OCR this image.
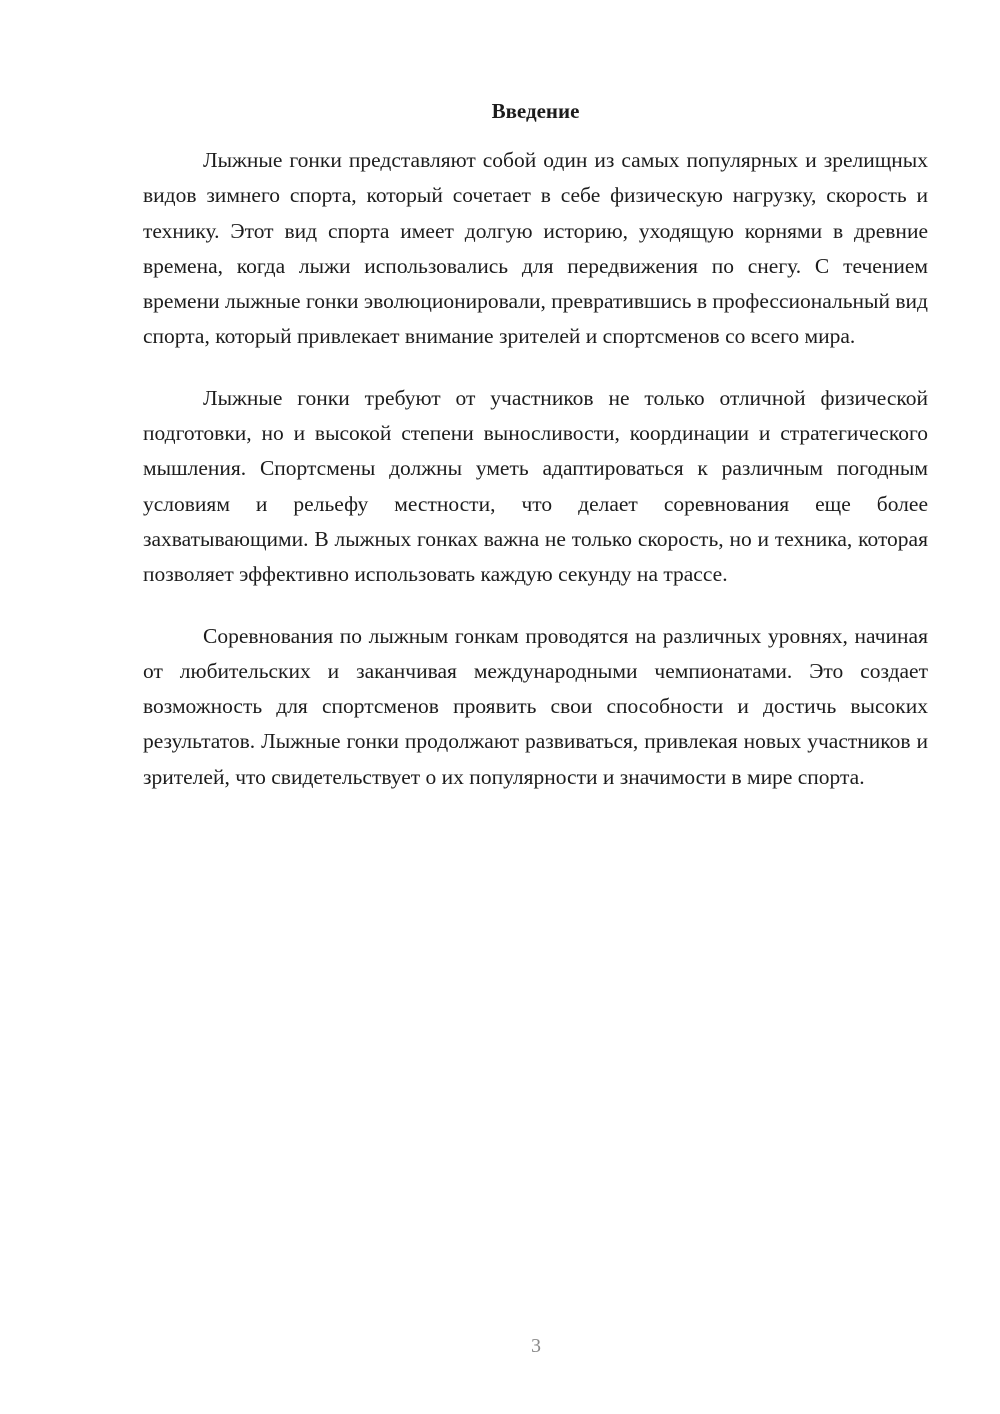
Введение

Лыжные гонки представляют собой один из самых популярных и зрелищных видов зимнего спорта, который сочетает в себе физическую нагрузку, скорость и технику. Этот вид спорта имеет долгую историю, уходящую корнями в древние времена, когда лыжи использовались для передвижения по снегу. С течением времени лыжные гонки эволюционировали, превратившись в профессиональный вид спорта, который привлекает внимание зрителей и спортсменов со всего мира.

Лыжные гонки требуют от участников не только отличной физической подготовки, но и высокой степени выносливости, координации и стратегического мышления. Спортсмены должны уметь адаптироваться к различным погодным условиям и рельефу местности, что делает соревнования еще более захватывающими. В лыжных гонках важна не только скорость, но и техника, которая позволяет эффективно использовать каждую секунду на трассе.

Соревнования по лыжным гонкам проводятся на различных уровнях, начиная от любительских и заканчивая международными чемпионатами. Это создает возможность для спортсменов проявить свои способности и достичь высоких результатов. Лыжные гонки продолжают развиваться, привлекая новых участников и зрителей, что свидетельствует о их популярности и значимости в мире спорта.

3
